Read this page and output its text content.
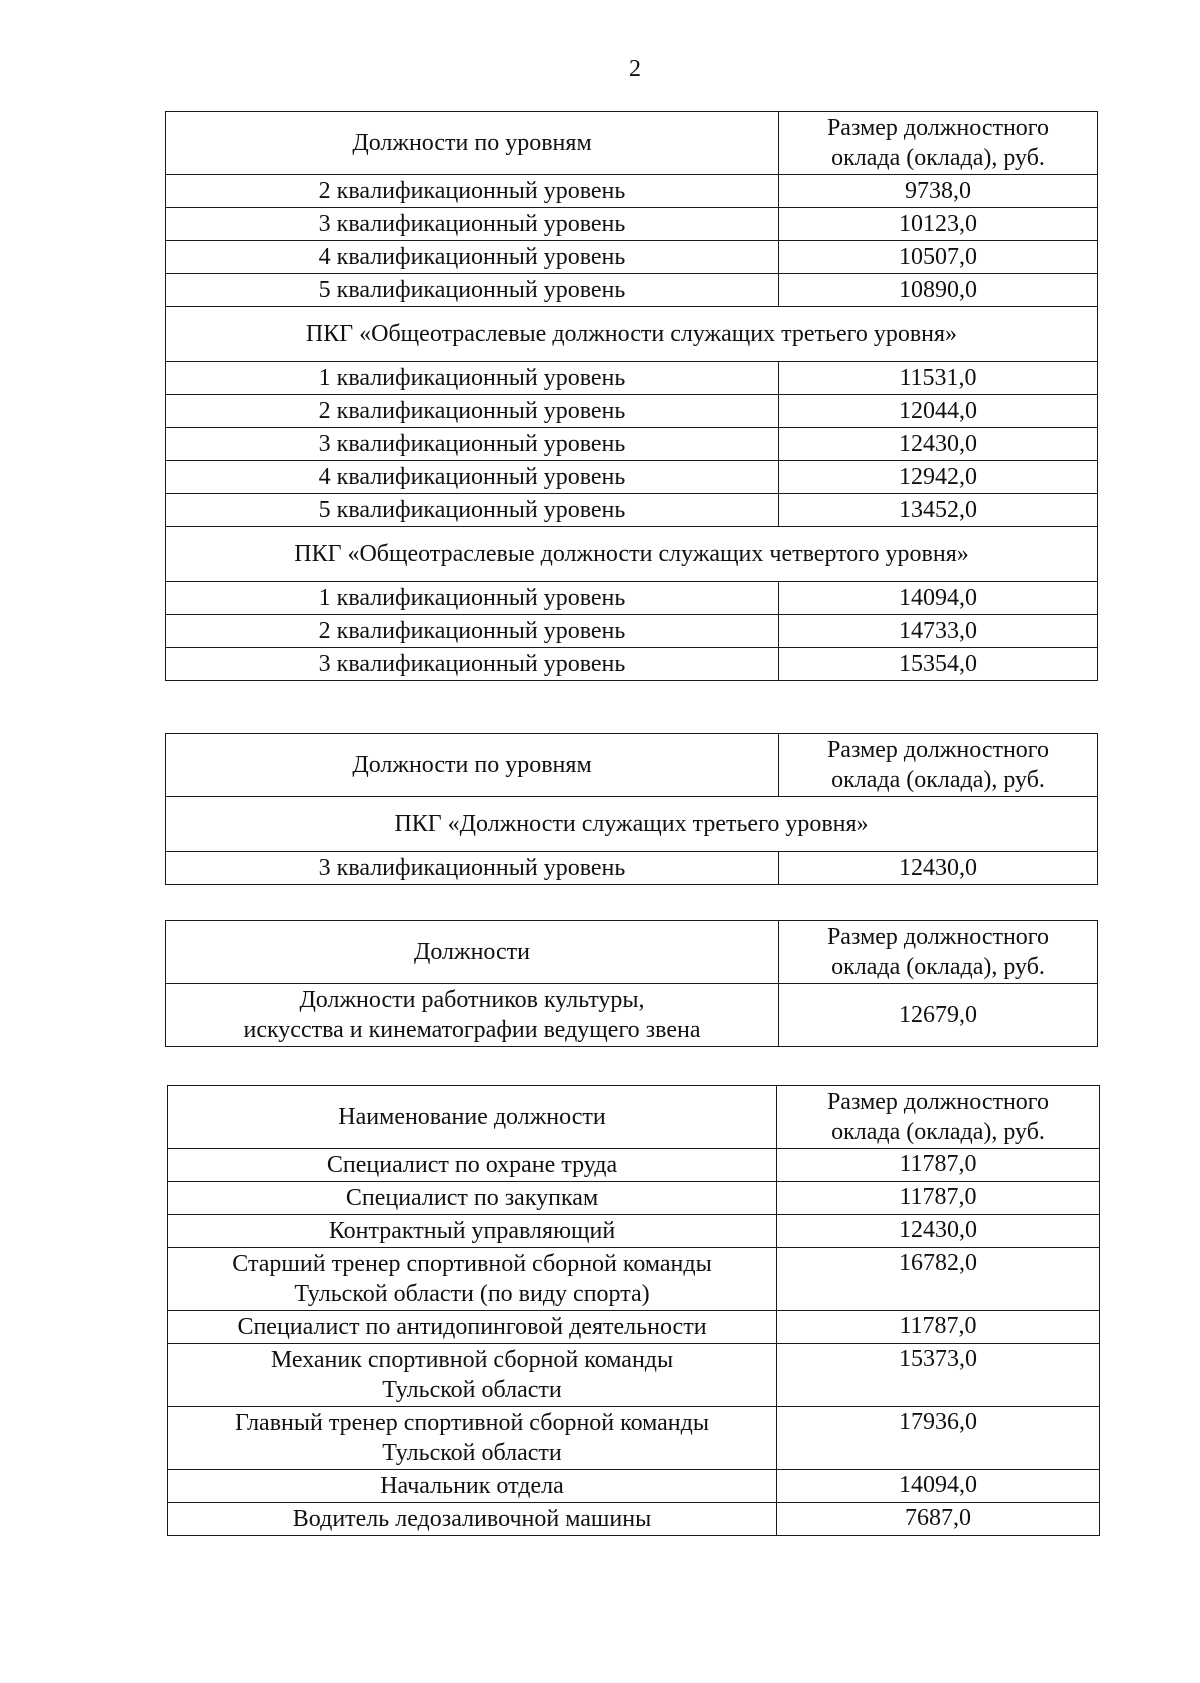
2
Должности по уровням	Размер должностного
оклада (оклада), руб.
2 квалификационный уровень	9738,0
3 квалификационный уровень	10123,0
4 квалификационный уровень	10507,0
5 квалификационный уровень	10890,0
ПКГ «Общеотраслевые должности служащих третьего уровня»	
1 квалификационный уровень	11531,0
2 квалификационный уровень	12044,0
3 квалификационный уровень	12430,0
4 квалификационный уровень	12942,0
5 квалификационный уровень	13452,0
ПКГ «Общеотраслевые должности служащих четвертого уровня»	
1 квалификационный уровень	14094,0
2 квалификационный уровень	14733,0
3 квалификационный уровень	15354,0
Должности по уровням	Размер должностного
оклада (оклада), руб.
ПКГ «Должности служащих третьего уровня»	
3 квалификационный уровень	12430,0
Должности	Размер должностного
оклада (оклада), руб.
Должности работников культуры,
искусства и кинематографии ведущего звена	12679,0
Наименование должности	Размер должностного
оклада (оклада), руб.
Специалист по охране труда	11787,0
Специалист по закупкам	11787,0
Контрактный управляющий	12430,0
Старший тренер спортивной сборной команды
Тульской области (по виду спорта)	16782,0
Специалист по антидопинговой деятельности	11787,0
Механик спортивной сборной команды
Тульской области	15373,0
Главный тренер спортивной сборной команды
Тульской области	17936,0
Начальник отдела	14094,0
Водитель ледозаливочной машины	7687,0
